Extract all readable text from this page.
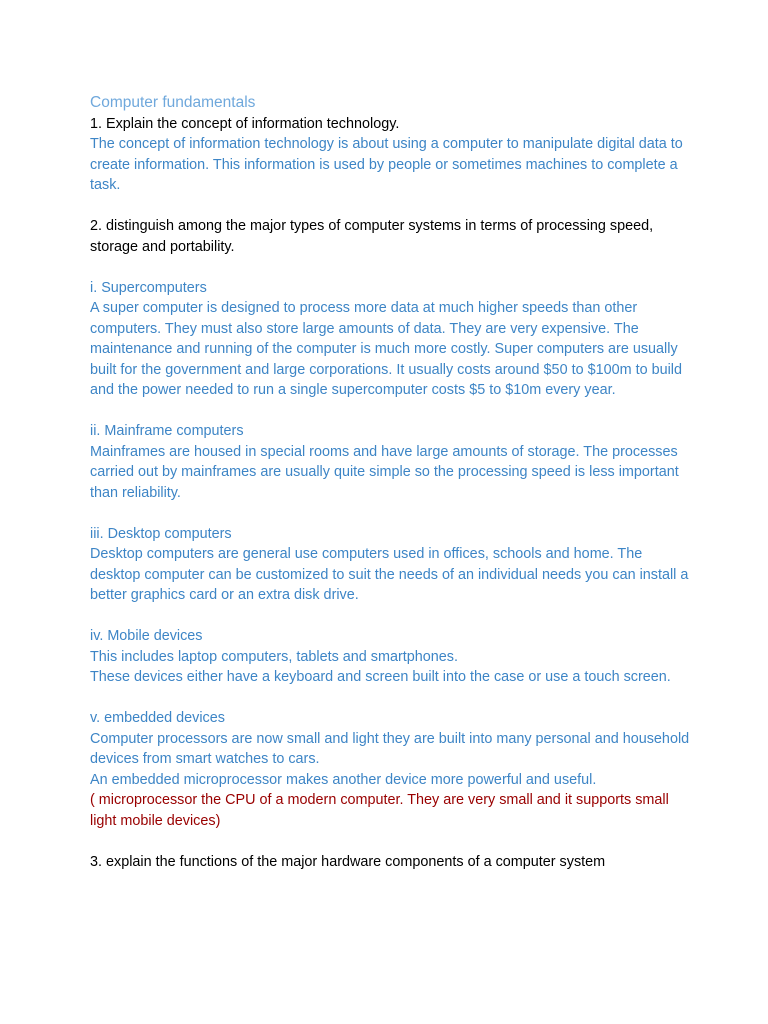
Computer fundamentals

1. Explain the concept of information technology.

The concept of information technology is about using a computer to manipulate digital data to create information. This information is used by people or sometimes machines to complete a task.

2. distinguish among the major types of computer systems in terms of processing speed, storage and portability.

i. Supercomputers

A super computer is designed to process more data at much higher speeds than other computers. They must also store large amounts of data. They are very expensive. The maintenance and running of the computer is much more costly. Super computers are usually built for the government and large corporations. It usually costs around $50 to $100m to build and the power needed to run a single supercomputer costs $5 to $10m every year.

ii. Mainframe computers

Mainframes are housed in special rooms and have large amounts of storage. The processes carried out by mainframes are usually quite simple so the processing speed is less important than reliability.

iii. Desktop computers

Desktop computers are general use computers used in offices, schools and home. The desktop computer can be customized to suit the needs of an individual needs you can install a better graphics card or an extra disk drive.

iv. Mobile devices

This includes laptop computers, tablets and smartphones.

These devices either have a keyboard and screen built into the case or use a touch screen.

v. embedded devices

Computer processors are now small and light they are built into many personal and household devices from smart watches to cars.

An embedded microprocessor makes another device more powerful and useful.

( microprocessor the CPU of a modern computer. They are very small and it supports small light mobile devices)

3. explain the functions of the major hardware components of a computer system
